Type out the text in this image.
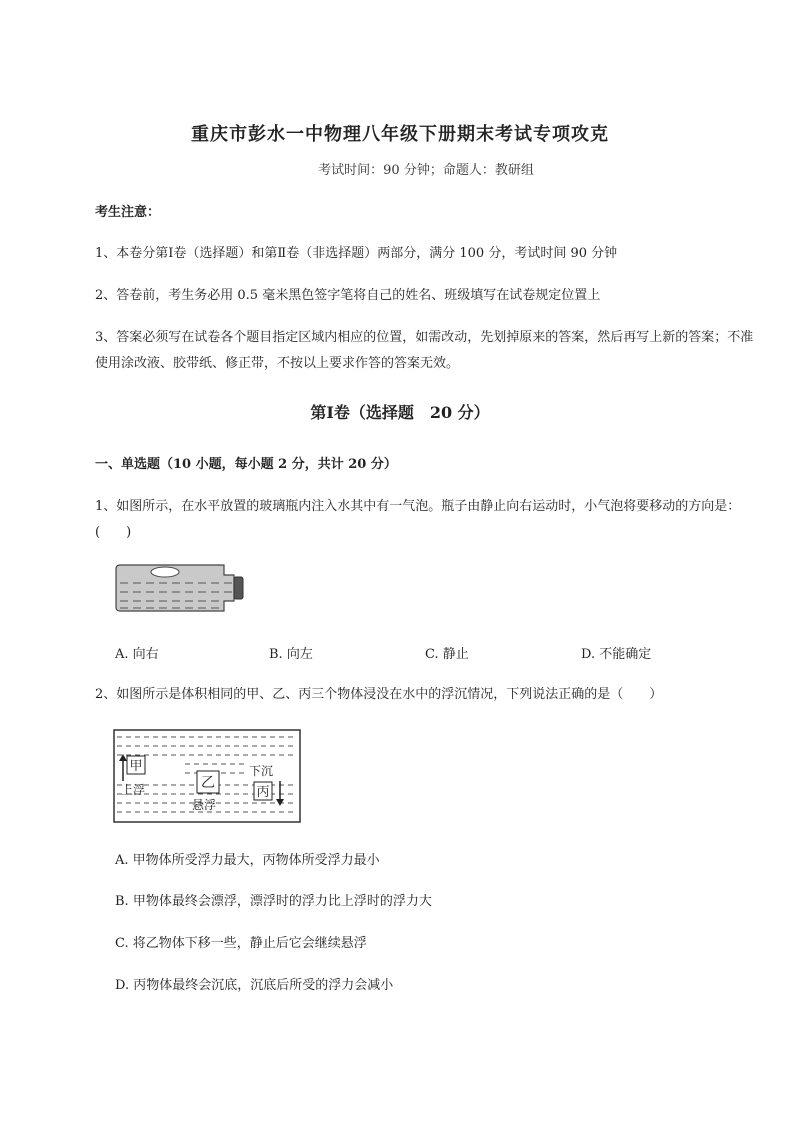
重庆市彭水一中物理八年级下册期末考试专项攻克
考试时间：90 分钟；命题人：教研组
考生注意：
1、本卷分第Ⅰ卷（选择题）和第Ⅱ卷（非选择题）两部分，满分 100 分，考试时间 90 分钟
2、答卷前，考生务必用 0.5 毫米黑色签字笔将自己的姓名、班级填写在试卷规定位置上
3、答案必须写在试卷各个题目指定区域内相应的位置，如需改动，先划掉原来的答案，然后再写上新的答案；不准使用涂改液、胶带纸、修正带，不按以上要求作答的答案无效。
第Ⅰ卷（选择题　20 分）
一、单选题（10 小题，每小题 2 分，共计 20 分）
1、如图所示，在水平放置的玻璃瓶内注入水其中有一气泡。瓶子由静止向右运动时，小气泡将要移动的方向是：(　　)
A. 向右	B. 向左	C. 静止	D. 不能确定
2、如图所示是体积相同的甲、乙、丙三个物体浸没在水中的浮沉情况，下列说法正确的是（　　）
甲
上浮	乙
悬浮
下沉
丙
A. 甲物体所受浮力最大，丙物体所受浮力最小
B. 甲物体最终会漂浮，漂浮时的浮力比上浮时的浮力大
C. 将乙物体下移一些，静止后它会继续悬浮
D. 丙物体最终会沉底，沉底后所受的浮力会减小
